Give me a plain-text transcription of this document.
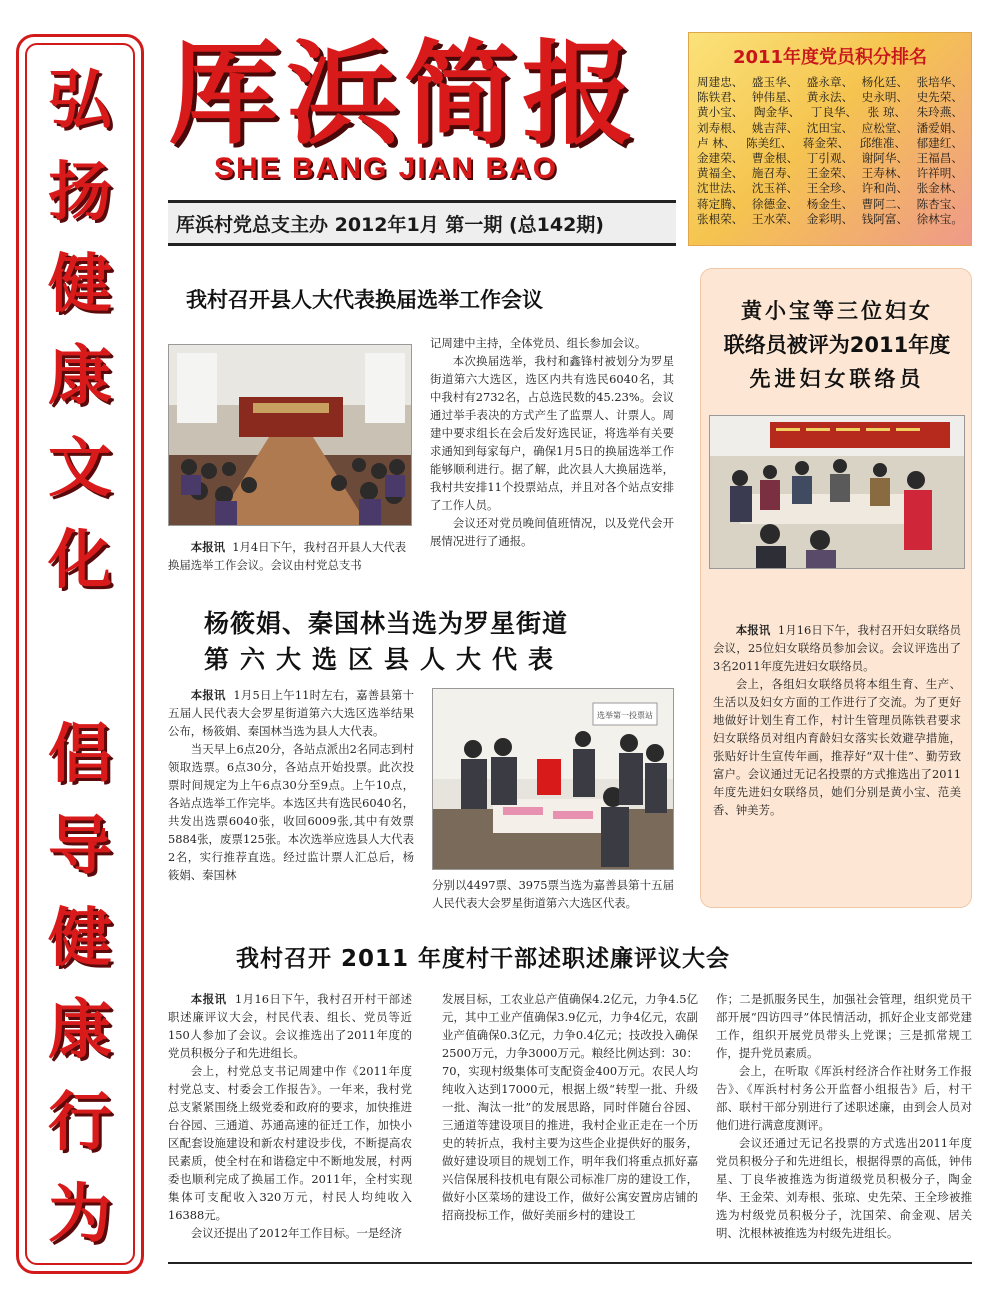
弘
扬
健
康
文
化
倡
导
健
康
行
为
厍浜简报
SHE BANG JIAN BAO
厍浜村党总支主办 2012年1月 第一期 (总142期)
2011年度党员积分排名
周建忠、 盛玉华、 盛永章、 杨化廷、 张培华、
陈铁君、 钟伟星、 黄永法、 史永明、 史先荣、
黄小宝、 陶金华、 丁良华、 张 琼、 朱玲燕、
刘寿根、 姚吉萍、 沈田宝、 应松堂、 潘爱娟、
卢 林、 陈美红、 蒋金荣、 邱维准、 郁建红、
金建荣、 曹金根、 丁引观、 谢阿华、 王福昌、
黄福全、 施召寿、 王金荣、 王寿林、 许祥明、
沈世法、 沈玉祥、 王全珍、 许和尚、 张金林、
蒋定腾、 徐德金、 杨金生、 曹阿二、 陈杏宝、
张根荣、 王水荣、 金彩明、 钱阿富、 徐林宝。
我村召开县人大代表换届选举工作会议
本报讯 1月4日下午，我村召开县人大代表换届选举工作会议。会议由村党总支书
记周建中主持，全体党员、组长参加会议。

本次换届选举，我村和鑫锋村被划分为罗星街道第六大选区，选区内共有选民6040名，其中我村有2732名，占总选民数的45.23%。会议通过举手表决的方式产生了监票人、计票人。周建中要求组长在会后发好选民证，将选举有关要求通知到每家每户，确保1月5日的换届选举工作能够顺利进行。据了解，此次县人大换届选举，我村共安排11个投票站点，并且对各个站点安排了工作人员。

会议还对党员晚间值班情况，以及党代会开展情况进行了通报。

杨筱娟、秦国林当选为罗星街道
第六大选区县人大代表

本报讯 1月5日上午11时左右，嘉善县第十五届人民代表大会罗星街道第六大选区选举结果公布，杨筱娟、秦国林当选为县人大代表。

当天早上6点20分，各站点派出2名同志到村领取选票。6点30分，各站点开始投票。此次投票时间规定为上午6点30分至9点。上午10点，各站点选举工作完毕。本选区共有选民6040名，共发出选票6040张，收回6009张,其中有效票5884张，废票125张。本次选举应选县人大代表2名，实行推荐直选。经过监计票人汇总后，杨筱娟、秦国林

选举第一投票站
分别以4497票、3975票当选为嘉善县第十五届人民代表大会罗星街道第六大选区代表。
黄小宝等三位妇女
联络员被评为2011年度
先进妇女联络员

本报讯 1月16日下午，我村召开妇女联络员会议，25位妇女联络员参加会议。会议评选出了3名2011年度先进妇女联络员。

会上，各组妇女联络员将本组生育、生产、生活以及妇女方面的工作进行了交流。为了更好地做好计划生育工作，村计生管理员陈铁君要求妇女联络员对组内育龄妇女落实长效避孕措施，张贴好计生宣传年画，推荐好“双十佳”、勤劳致富户。会议通过无记名投票的方式推选出了2011年度先进妇女联络员，她们分别是黄小宝、范美香、钟美芳。

我村召开 2011 年度村干部述职述廉评议大会

本报讯 1月16日下午，我村召开村干部述职述廉评议大会，村民代表、组长、党员等近150人参加了会议。会议推选出了2011年度的党员积极分子和先进组长。

会上，村党总支书记周建中作《2011年度村党总支、村委会工作报告》。一年来，我村党总支紧紧围绕上级党委和政府的要求，加快推进台谷园、三通道、苏通高速的征迁工作，加快小区配套设施建设和新农村建设步伐，不断提高农民素质，使全村在和谐稳定中不断地发展，村两委也顺利完成了换届工作。2011年，全村实现集体可支配收入320万元，村民人均纯收入16388元。

会议还提出了2012年工作目标。一是经济

发展目标，工农业总产值确保4.2亿元，力争4.5亿元，其中工业产值确保3.9亿元，力争4亿元，农副业产值确保0.3亿元，力争0.4亿元；技改投入确保2500万元，力争3000万元。粮经比例达到：30：70，实现村级集体可支配资金400万元。农民人均纯收入达到17000元，根据上级“转型一批、升级一批、淘汰一批”的发展思路，同时伴随台谷园、三通道等建设项目的推进，我村企业正走在一个历史的转折点，我村主要为这些企业提供好的服务，做好建设项目的规划工作，明年我们将重点抓好嘉兴信保展科技机电有限公司标准厂房的建设工作，做好小区菜场的建设工作，做好公寓安置房店铺的招商投标工作，做好美丽乡村的建设工
作；二是抓服务民生，加强社会管理，组织党员干部开展“四访四寻”体民情活动，抓好企业支部党建工作，组织开展党员带头上党课；三是抓常规工作，提升党员素质。

会上，在听取《厍浜村经济合作社财务工作报告》、《厍浜村村务公开监督小组报告》后，村干部、联村干部分别进行了述职述廉，由到会人员对他们进行满意度测评。

会议还通过无记名投票的方式选出2011年度党员积极分子和先进组长，根据得票的高低，钟伟星、丁良华被推选为街道级党员积极分子，陶金华、王金荣、刘寿根、张琼、史先荣、王全珍被推选为村级党员积极分子，沈国荣、俞金观、居关明、沈根林被推选为村级先进组长。
